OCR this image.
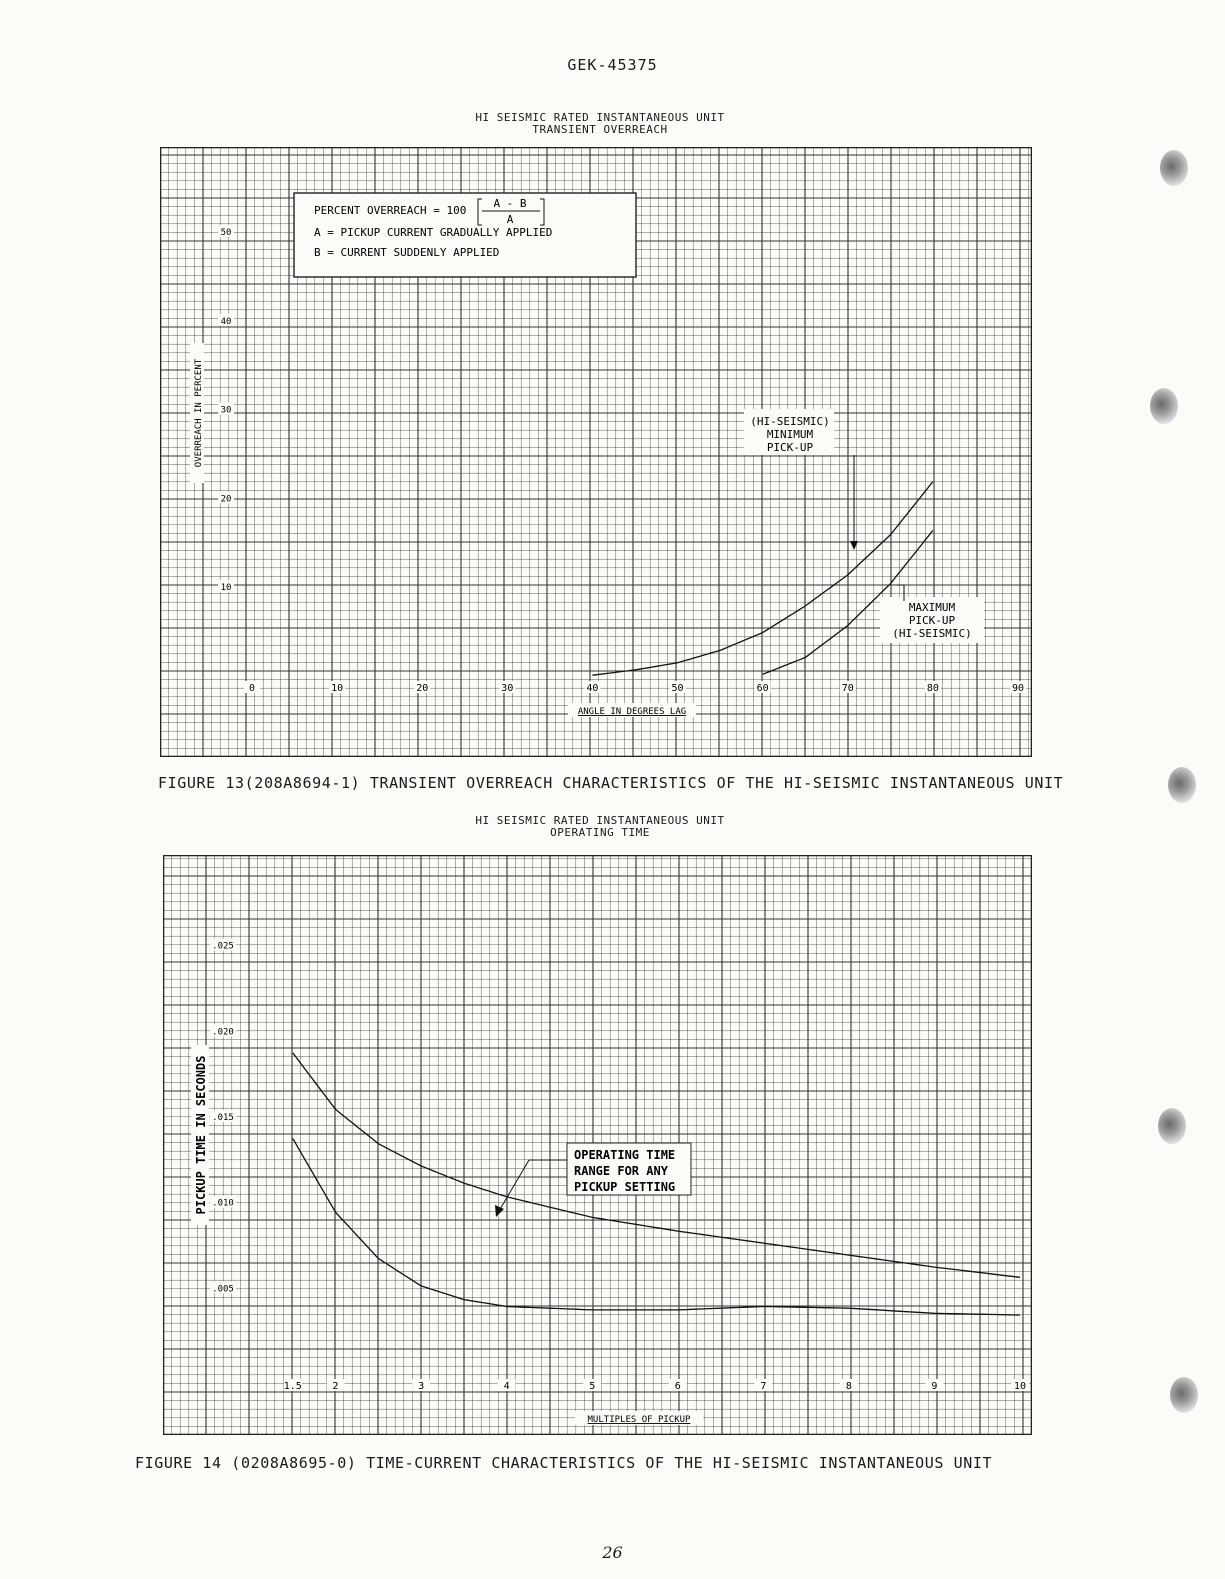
GEK-45375
HI SEISMIC RATED INSTANTANEOUS UNIT
TRANSIENT OVERREACH
0	10	20	30	40	50	60	70	80	90
10
20
30
40
50
ANGLE IN DEGREES LAG
OVERREACH IN PERCENT
PERCENT OVERREACH = 100
A - B
A
A = PICKUP CURRENT GRADUALLY APPLIED
B = CURRENT SUDDENLY APPLIED
(HI-SEISMIC)
MINIMUM
PICK-UP
MAXIMUM
PICK-UP
(HI-SEISMIC)
FIGURE 13(208A8694-1) TRANSIENT OVERREACH CHARACTERISTICS OF THE HI-SEISMIC INSTANTANEOUS UNIT
HI SEISMIC RATED INSTANTANEOUS UNIT
OPERATING TIME
1.5	2	3	4	5	6	7	8	9	10
.005
.010
.015
.020
.025
MULTIPLES OF PICKUP
PICKUP TIME IN SECONDS	OPERATING TIME
RANGE FOR ANY
PICKUP SETTING
FIGURE 14 (0208A8695-0) TIME-CURRENT CHARACTERISTICS OF THE HI-SEISMIC INSTANTANEOUS UNIT
26
